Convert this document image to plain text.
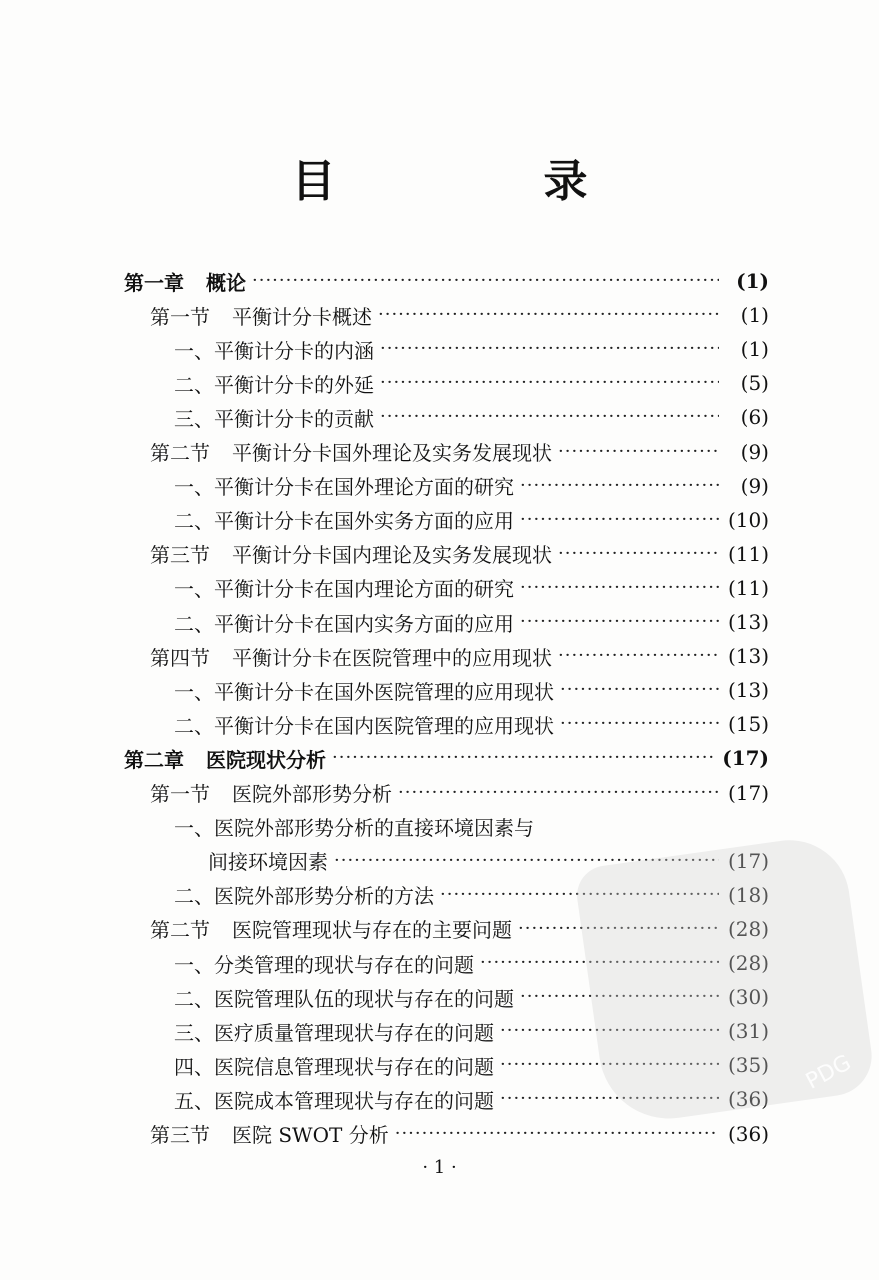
目　录
第一章 概论 ·····	(1)
第一节 平衡计分卡概述 ·····	(1)
一、平衡计分卡的内涵 ·····	(1)
二、平衡计分卡的外延 ·····	(5)
三、平衡计分卡的贡献 ·····	(6)
第二节 平衡计分卡国外理论及实务发展现状 ·····	(9)
一、平衡计分卡在国外理论方面的研究 ·····	(9)
二、平衡计分卡在国外实务方面的应用 ·····	(10)
第三节 平衡计分卡国内理论及实务发展现状 ·····	(11)
一、平衡计分卡在国内理论方面的研究 ·····	(11)
二、平衡计分卡在国内实务方面的应用 ·····	(13)
第四节 平衡计分卡在医院管理中的应用现状 ·····	(13)
一、平衡计分卡在国外医院管理的应用现状 ·····	(13)
二、平衡计分卡在国内医院管理的应用现状 ·····	(15)
第二章 医院现状分析 ·····	(17)
第一节 医院外部形势分析 ·····	(17)
一、医院外部形势分析的直接环境因素与
间接环境因素 ·····	(17)
二、医院外部形势分析的方法 ·····	(18)
第二节 医院管理现状与存在的主要问题 ·····	(28)
一、分类管理的现状与存在的问题 ·····	(28)
二、医院管理队伍的现状与存在的问题 ·····	(30)
三、医疗质量管理现状与存在的问题 ·····	(31)
四、医院信息管理现状与存在的问题 ·····	(35)
五、医院成本管理现状与存在的问题 ·····	(36)
第三节 医院 SWOT 分析 ·····	(36)
PDG
· 1 ·
